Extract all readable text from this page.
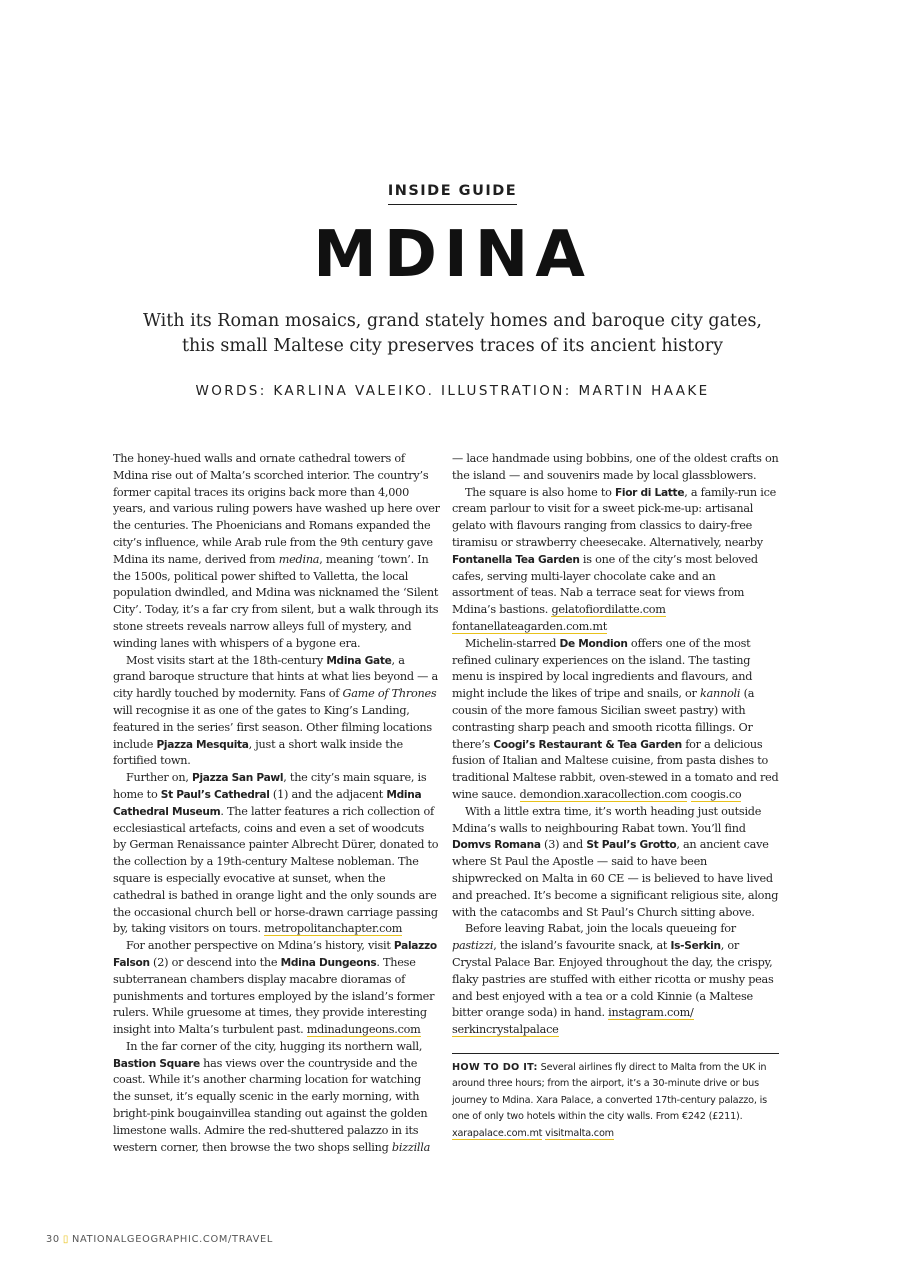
INSIDE GUIDE
MDINA
With its Roman mosaics, grand stately homes and baroque city gates,
this small Maltese city preserves traces of its ancient history
WORDS: KARLINA VALEIKO. ILLUSTRATION: MARTIN HAAKE

The honey-hued walls and ornate cathedral towers of Mdina rise out of Malta’s scorched interior. The country’s former capital traces its origins back more than 4,000 years, and various ruling powers have washed up here over the centuries. The Phoenicians and Romans expanded the city’s influence, while Arab rule from the 9th century gave Mdina its name, derived from medina, meaning ‘town’. In the 1500s, political power shifted to Valletta, the local population dwindled, and Mdina was nicknamed the ‘Silent City’. Today, it’s a far cry from silent, but a walk through its stone streets reveals narrow alleys full of mystery, and winding lanes with whispers of a bygone era.

Most visits start at the 18th-century Mdina Gate, a grand baroque structure that hints at what lies beyond — a city hardly touched by modernity. Fans of Game of Thrones will recognise it as one of the gates to King’s Landing, featured in the series’ first season. Other filming locations include Pjazza Mesquita, just a short walk inside the fortified town.

Further on, Pjazza San Pawl, the city’s main square, is home to St Paul’s Cathedral (1) and the adjacent Mdina Cathedral Museum. The latter features a rich collection of ecclesiastical artefacts, coins and even a set of woodcuts by German Renaissance painter Albrecht Dürer, donated to the collection by a 19th-century Maltese nobleman. The square is especially evocative at sunset, when the cathedral is bathed in orange light and the only sounds are the occasional church bell or horse-drawn carriage passing by, taking visitors on tours. metropolitanchapter.com

For another perspective on Mdina’s history, visit Palazzo Falson (2) or descend into the Mdina Dungeons. These subterranean chambers display macabre dioramas of punishments and tortures employed by the island’s former rulers. While gruesome at times, they provide interesting insight into Malta’s turbulent past. mdinadungeons.com

In the far corner of the city, hugging its northern wall, Bastion Square has views over the countryside and the coast. While it’s another charming location for watching the sunset, it’s equally scenic in the early morning, with bright-pink bougainvillea standing out against the golden limestone walls. Admire the red-shuttered palazzo in its western corner, then browse the two shops selling bizzilla

— lace handmade using bobbins, one of the oldest crafts on the island — and souvenirs made by local glassblowers.

The square is also home to Fior di Latte, a family-run ice cream parlour to visit for a sweet pick-me-up: artisanal gelato with flavours ranging from classics to dairy-free tiramisu or strawberry cheesecake. Alternatively, nearby Fontanella Tea Garden is one of the city’s most beloved cafes, serving multi-layer chocolate cake and an assortment of teas. Nab a terrace seat for views from Mdina’s bastions. gelatofiordilatte.com fontanellateagarden.com.mt

Michelin-starred De Mondion offers one of the most refined culinary experiences on the island. The tasting menu is inspired by local ingredients and flavours, and might include the likes of tripe and snails, or kannoli (a cousin of the more famous Sicilian sweet pastry) with contrasting sharp peach and smooth ricotta fillings. Or there’s Coogi’s Restaurant & Tea Garden for a delicious fusion of Italian and Maltese cuisine, from pasta dishes to traditional Maltese rabbit, oven-stewed in a tomato and red wine sauce. demondion.xaracollection.com coogis.co

With a little extra time, it’s worth heading just outside Mdina’s walls to neighbouring Rabat town. You’ll find Domvs Romana (3) and St Paul’s Grotto, an ancient cave where St Paul the Apostle — said to have been shipwrecked on Malta in 60 CE — is believed to have lived and preached. It’s become a significant religious site, along with the catacombs and St Paul’s Church sitting above.

Before leaving Rabat, join the locals queueing for pastizzi, the island’s favourite snack, at Is-Serkin, or Crystal Palace Bar. Enjoyed throughout the day, the crispy, flaky pastries are stuffed with either ricotta or mushy peas and best enjoyed with a tea or a cold Kinnie (a Maltese bitter orange soda) in hand. instagram.com/ serkincrystalpalace

HOW TO DO IT: Several airlines fly direct to Malta from the UK in around three hours; from the airport, it’s a 30-minute drive or bus journey to Mdina. Xara Palace, a converted 17th-century palazzo, is one of only two hotels within the city walls. From €242 (£211). xarapalace.com.mt visitmalta.com
30 ▯ NATIONALGEOGRAPHIC.COM/TRAVEL
